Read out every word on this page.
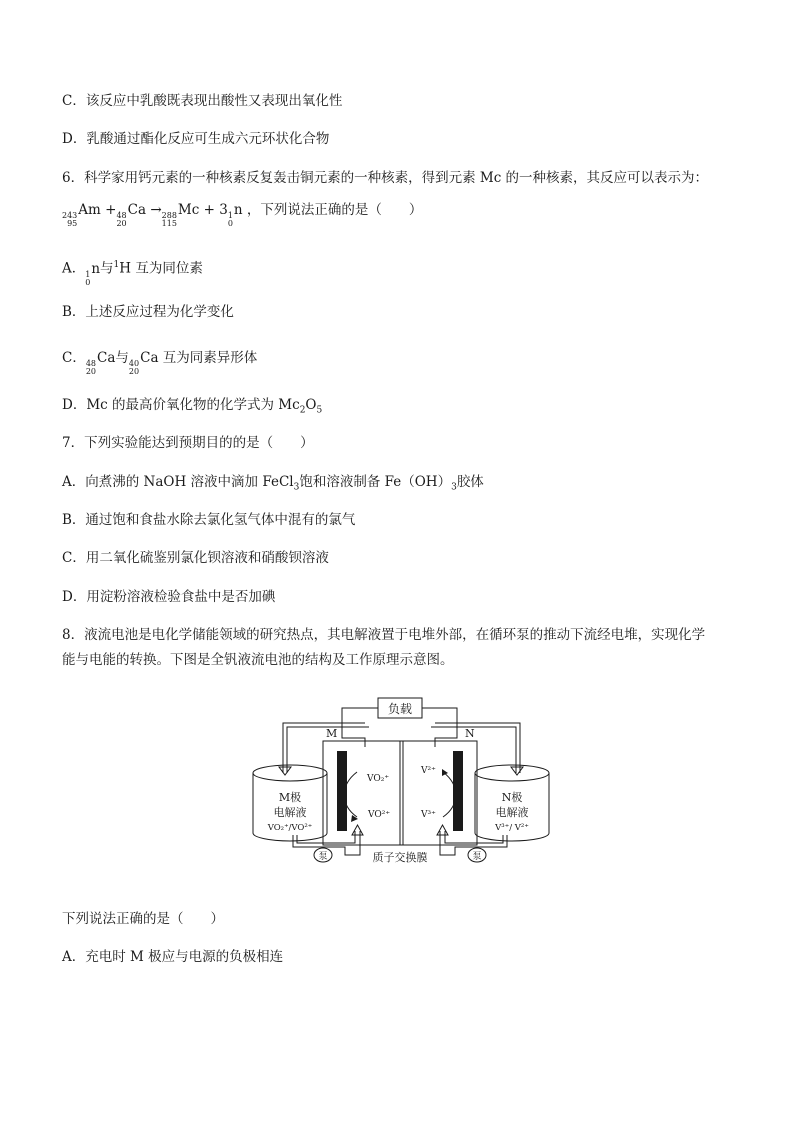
C．该反应中乳酸既表现出酸性又表现出氧化性
D．乳酸通过酯化反应可生成六元环状化合物
6．科学家用钙元素的一种核素反复轰击铜元素的一种核素，得到元素 Mc 的一种核素，其反应可以表示为：
243
95
Am + 48
20
Ca → 288
115
Mc + 3 1
0
n ，下列说法正确的是（　　）
A． 1
0
n与$^1$H 互为同位素
B．上述反应过程为化学变化
C． 48
20
Ca与 40
20
Ca 互为同素异形体
D．Mc 的最高价氧化物的化学式为 $Mc_2O_5$
7．下列实验能达到预期目的的是（　　）
A．向煮沸的 NaOH 溶液中滴加 FeCl$_3$饱和溶液制备 $Fe(OH)_3$胶体
B．通过饱和食盐水除去氯化氢气体中混有的氯气
C．用二氧化硫鉴别氯化钡溶液和硝酸钡溶液
D．用淀粉溶液检验食盐中是否加碘
8．液流电池是电化学储能领域的研究热点，其电解液置于电堆外部，在循环泵的推动下流经电堆，实现化学
能与电能的转换。下图是全钒液流电池的结构及工作原理示意图。
负载
M	N
M极
电解液
VO₂⁺/VO²⁺
N极
电解液
V³⁺/ V²⁺
VO₂⁺
VO²⁺
V²⁺
V³⁺
泵	泵
质子交换膜
下列说法正确的是（　　）
A．充电时 M 极应与电源的负极相连
